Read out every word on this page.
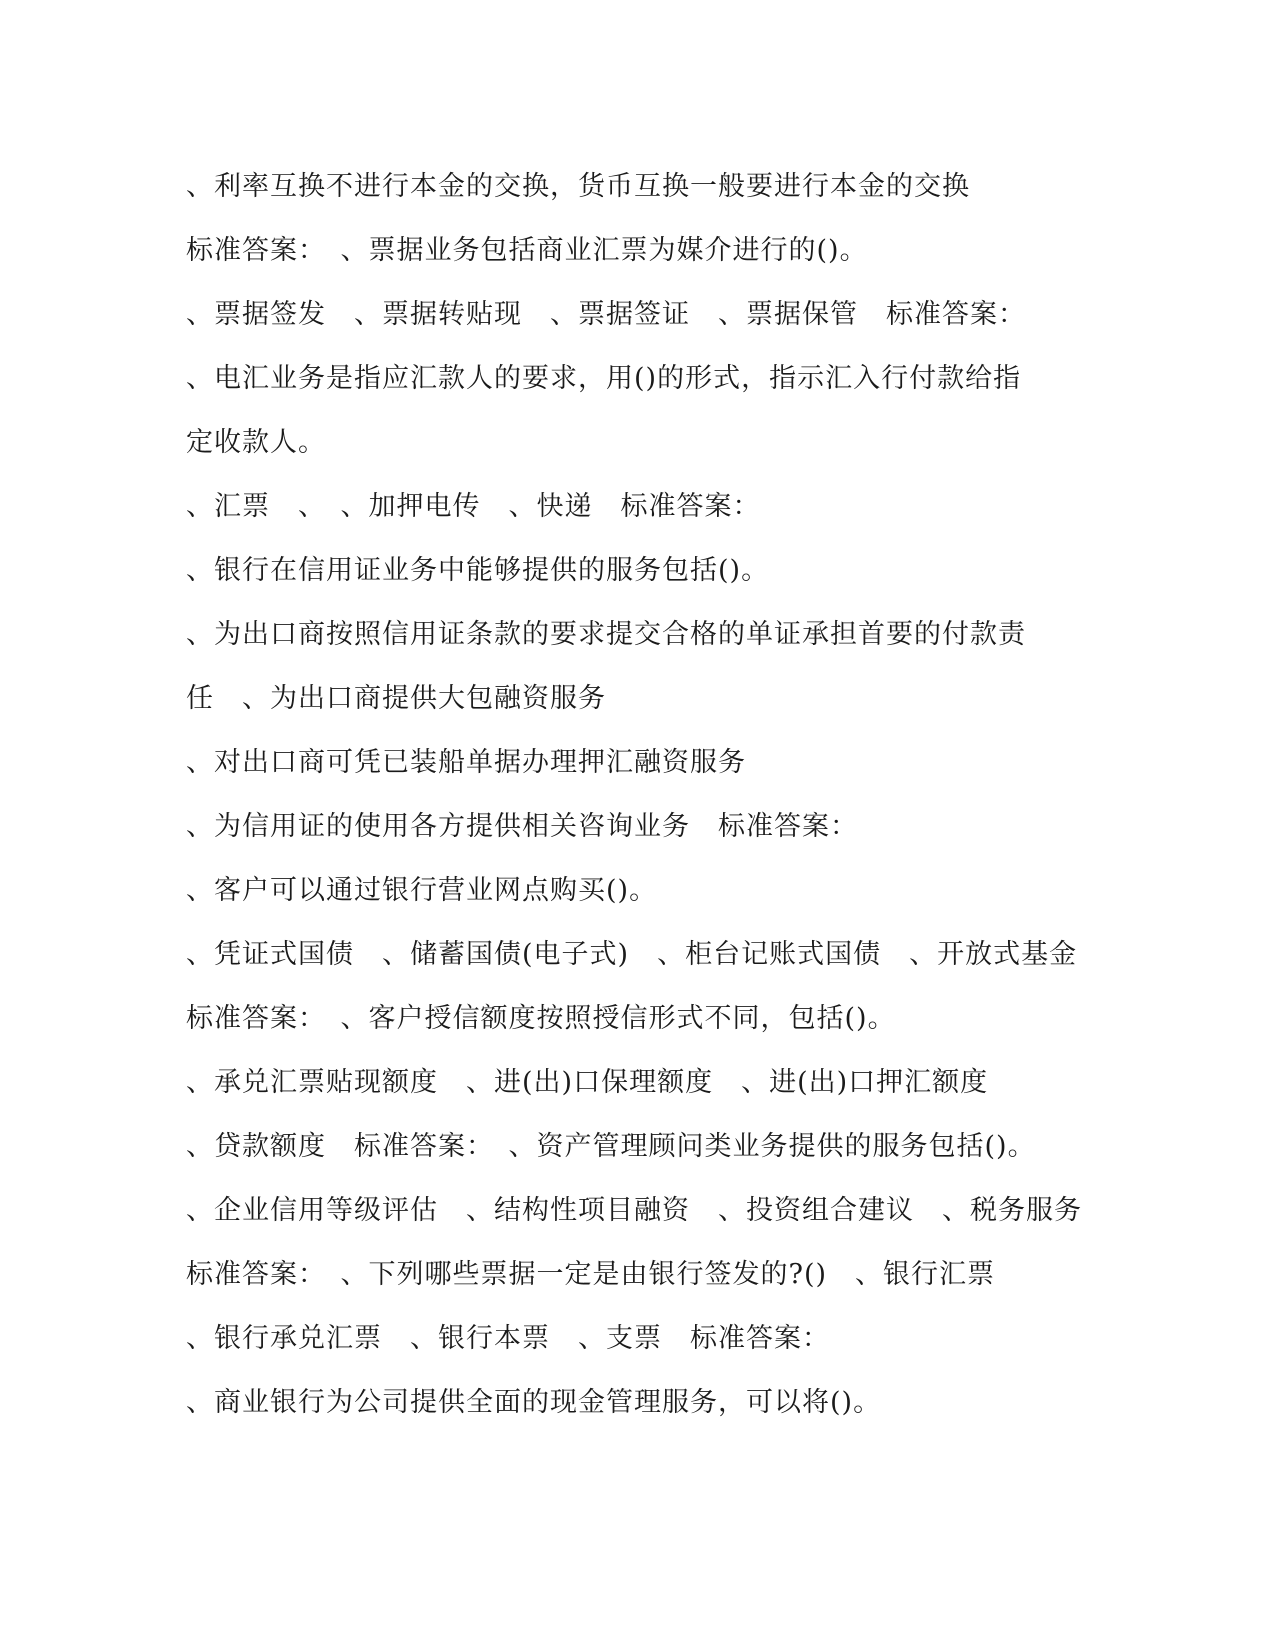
、利率互换不进行本金的交换，货币互换一般要进行本金的交换
标准答案：　、票据业务包括商业汇票为媒介进行的()。
、票据签发　、票据转贴现　、票据签证　、票据保管　标准答案：
、电汇业务是指应汇款人的要求，用()的形式，指示汇入行付款给指
定收款人。
、汇票　、　、加押电传　、快递　标准答案：
、银行在信用证业务中能够提供的服务包括()。
、为出口商按照信用证条款的要求提交合格的单证承担首要的付款责
任　、为出口商提供大包融资服务
、对出口商可凭已装船单据办理押汇融资服务
、为信用证的使用各方提供相关咨询业务　标准答案：
、客户可以通过银行营业网点购买()。
、凭证式国债　、储蓄国债(电子式)　、柜台记账式国债　、开放式基金
标准答案：　、客户授信额度按照授信形式不同，包括()。
、承兑汇票贴现额度　、进(出)口保理额度　、进(出)口押汇额度
、贷款额度　标准答案：　、资产管理顾问类业务提供的服务包括()。
、企业信用等级评估　、结构性项目融资　、投资组合建议　、税务服务
标准答案：　、下列哪些票据一定是由银行签发的?()　、银行汇票
、银行承兑汇票　、银行本票　、支票　标准答案：
、商业银行为公司提供全面的现金管理服务，可以将()。
